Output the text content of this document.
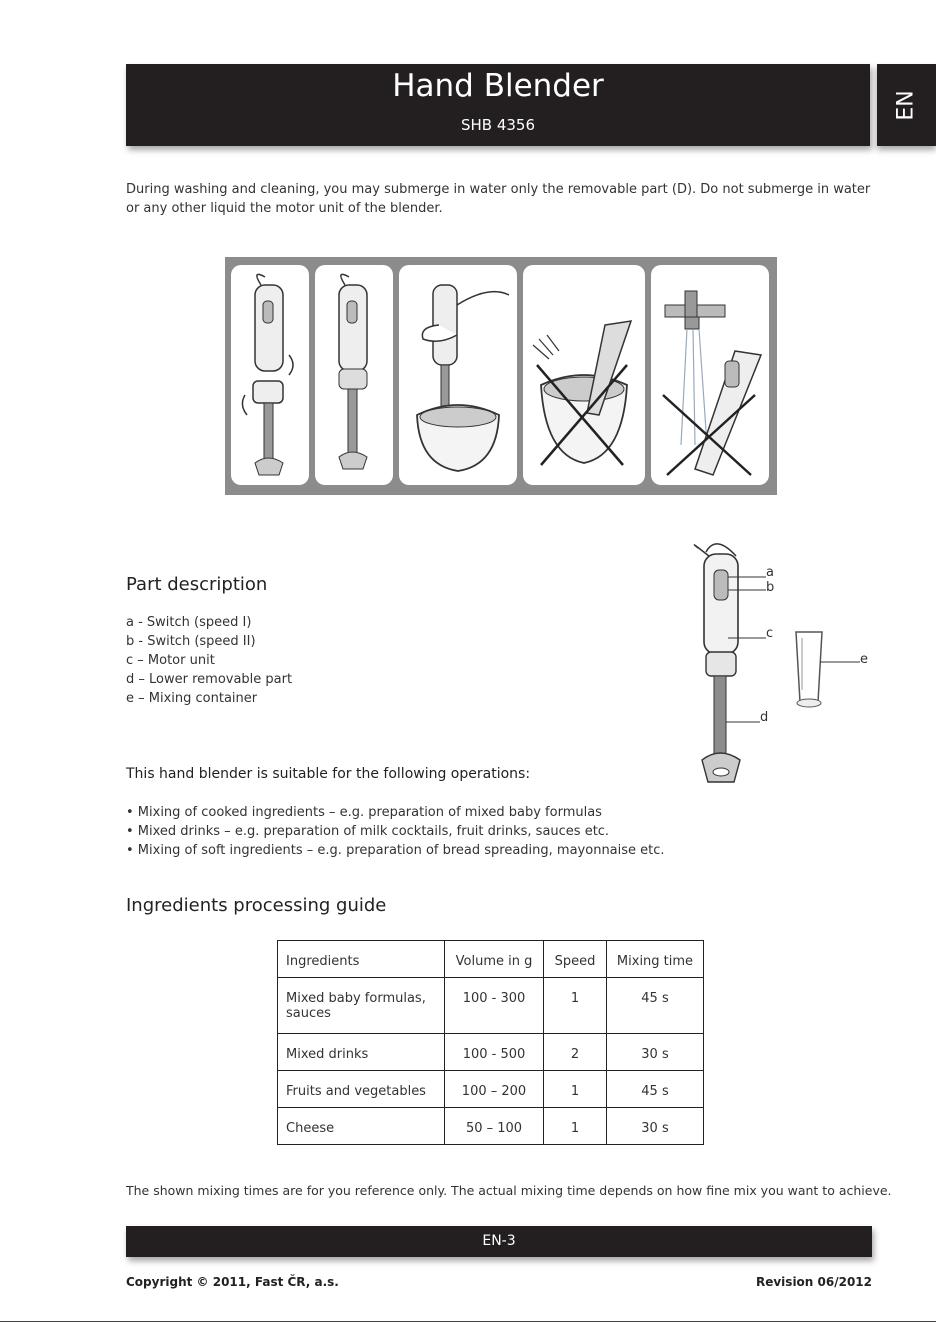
Hand Blender
SHB 4356
EN
During washing and cleaning, you may submerge in water only the removable part (D). Do not submerge in water or any other liquid the motor unit of the blender.
Part description
a - Switch (speed I)
b - Switch (speed II)
c – Motor unit
d – Lower removable part
e – Mixing container
a
b
c
d
e
This hand blender is suitable for the following operations:
• Mixing of cooked ingredients – e.g. preparation of mixed baby formulas
• Mixed drinks – e.g. preparation of milk cocktails, fruit drinks, sauces etc.
• Mixing of soft ingredients – e.g. preparation of bread spreading, mayonnaise etc.
Ingredients processing guide
Ingredients	Volume in g	Speed	Mixing time
Mixed baby formulas, sauces	100 - 300	1	45 s
Mixed drinks	100 - 500	2	30 s
Fruits and vegetables	100 – 200	1	45 s
Cheese	50 – 100	1	30 s
The shown mixing times are for you reference only. The actual mixing time depends on how fine mix you want to achieve.
EN-3
Copyright © 2011, Fast ČR, a.s.	Revision 06/2012
